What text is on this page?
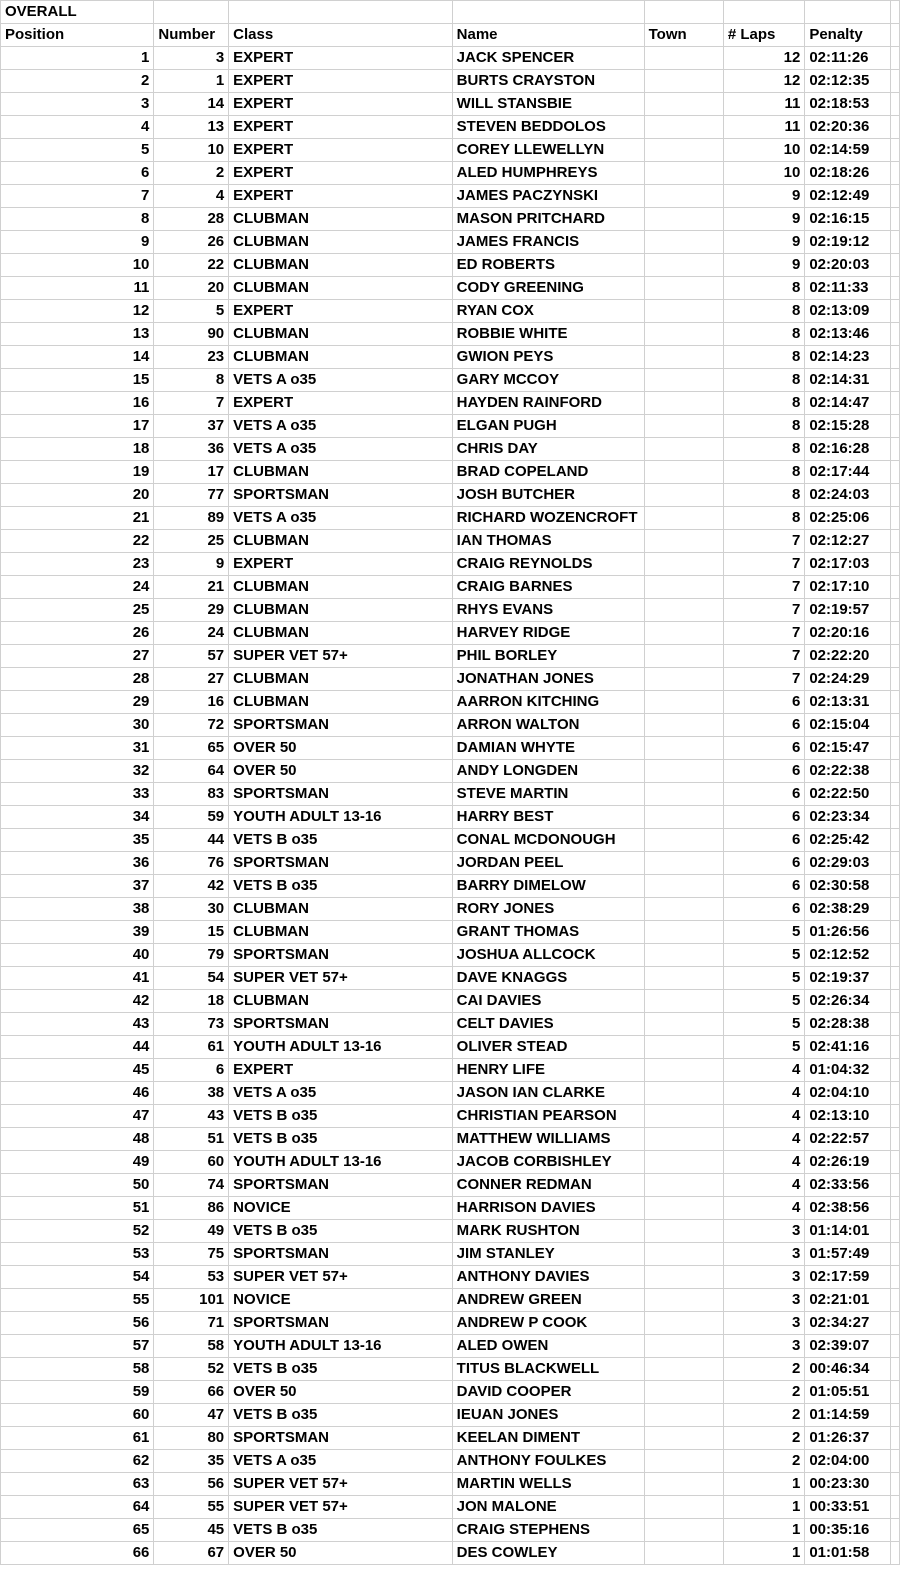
OVERALL							
Position	Number	Class	Name	Town	# Laps	Penalty	
1	3	EXPERT	JACK SPENCER		12	02:11:26	
2	1	EXPERT	BURTS CRAYSTON		12	02:12:35	
3	14	EXPERT	WILL STANSBIE		11	02:18:53	
4	13	EXPERT	STEVEN BEDDOLOS		11	02:20:36	
5	10	EXPERT	COREY LLEWELLYN		10	02:14:59	
6	2	EXPERT	ALED HUMPHREYS		10	02:18:26	
7	4	EXPERT	JAMES PACZYNSKI		9	02:12:49	
8	28	CLUBMAN	MASON PRITCHARD		9	02:16:15	
9	26	CLUBMAN	JAMES FRANCIS		9	02:19:12	
10	22	CLUBMAN	ED ROBERTS		9	02:20:03	
11	20	CLUBMAN	CODY GREENING		8	02:11:33	
12	5	EXPERT	RYAN COX		8	02:13:09	
13	90	CLUBMAN	ROBBIE WHITE		8	02:13:46	
14	23	CLUBMAN	GWION PEYS		8	02:14:23	
15	8	VETS A o35	GARY MCCOY		8	02:14:31	
16	7	EXPERT	HAYDEN RAINFORD		8	02:14:47	
17	37	VETS A o35	ELGAN PUGH		8	02:15:28	
18	36	VETS A o35	CHRIS DAY		8	02:16:28	
19	17	CLUBMAN	BRAD COPELAND		8	02:17:44	
20	77	SPORTSMAN	JOSH BUTCHER		8	02:24:03	
21	89	VETS A o35	RICHARD WOZENCROFT		8	02:25:06	
22	25	CLUBMAN	IAN THOMAS		7	02:12:27	
23	9	EXPERT	CRAIG REYNOLDS		7	02:17:03	
24	21	CLUBMAN	CRAIG BARNES		7	02:17:10	
25	29	CLUBMAN	RHYS EVANS		7	02:19:57	
26	24	CLUBMAN	HARVEY RIDGE		7	02:20:16	
27	57	SUPER VET 57+	PHIL BORLEY		7	02:22:20	
28	27	CLUBMAN	JONATHAN JONES		7	02:24:29	
29	16	CLUBMAN	AARRON KITCHING		6	02:13:31	
30	72	SPORTSMAN	ARRON WALTON		6	02:15:04	
31	65	OVER 50	DAMIAN WHYTE		6	02:15:47	
32	64	OVER 50	ANDY LONGDEN		6	02:22:38	
33	83	SPORTSMAN	STEVE MARTIN		6	02:22:50	
34	59	YOUTH ADULT 13-16	HARRY BEST		6	02:23:34	
35	44	VETS B o35	CONAL MCDONOUGH		6	02:25:42	
36	76	SPORTSMAN	JORDAN PEEL		6	02:29:03	
37	42	VETS B o35	BARRY DIMELOW		6	02:30:58	
38	30	CLUBMAN	RORY JONES		6	02:38:29	
39	15	CLUBMAN	GRANT THOMAS		5	01:26:56	
40	79	SPORTSMAN	JOSHUA ALLCOCK		5	02:12:52	
41	54	SUPER VET 57+	DAVE KNAGGS		5	02:19:37	
42	18	CLUBMAN	CAI DAVIES		5	02:26:34	
43	73	SPORTSMAN	CELT DAVIES		5	02:28:38	
44	61	YOUTH ADULT 13-16	OLIVER STEAD		5	02:41:16	
45	6	EXPERT	HENRY LIFE		4	01:04:32	
46	38	VETS A o35	JASON IAN CLARKE		4	02:04:10	
47	43	VETS B o35	CHRISTIAN PEARSON		4	02:13:10	
48	51	VETS B o35	MATTHEW WILLIAMS		4	02:22:57	
49	60	YOUTH ADULT 13-16	JACOB CORBISHLEY		4	02:26:19	
50	74	SPORTSMAN	CONNER REDMAN		4	02:33:56	
51	86	NOVICE	HARRISON DAVIES		4	02:38:56	
52	49	VETS B o35	MARK RUSHTON		3	01:14:01	
53	75	SPORTSMAN	JIM STANLEY		3	01:57:49	
54	53	SUPER VET 57+	ANTHONY DAVIES		3	02:17:59	
55	101	NOVICE	ANDREW GREEN		3	02:21:01	
56	71	SPORTSMAN	ANDREW P COOK		3	02:34:27	
57	58	YOUTH ADULT 13-16	ALED OWEN		3	02:39:07	
58	52	VETS B o35	TITUS BLACKWELL		2	00:46:34	
59	66	OVER 50	DAVID COOPER		2	01:05:51	
60	47	VETS B o35	IEUAN JONES		2	01:14:59	
61	80	SPORTSMAN	KEELAN DIMENT		2	01:26:37	
62	35	VETS A o35	ANTHONY FOULKES		2	02:04:00	
63	56	SUPER VET 57+	MARTIN WELLS		1	00:23:30	
64	55	SUPER VET 57+	JON MALONE		1	00:33:51	
65	45	VETS B o35	CRAIG STEPHENS		1	00:35:16	
66	67	OVER 50	DES COWLEY		1	01:01:58	
